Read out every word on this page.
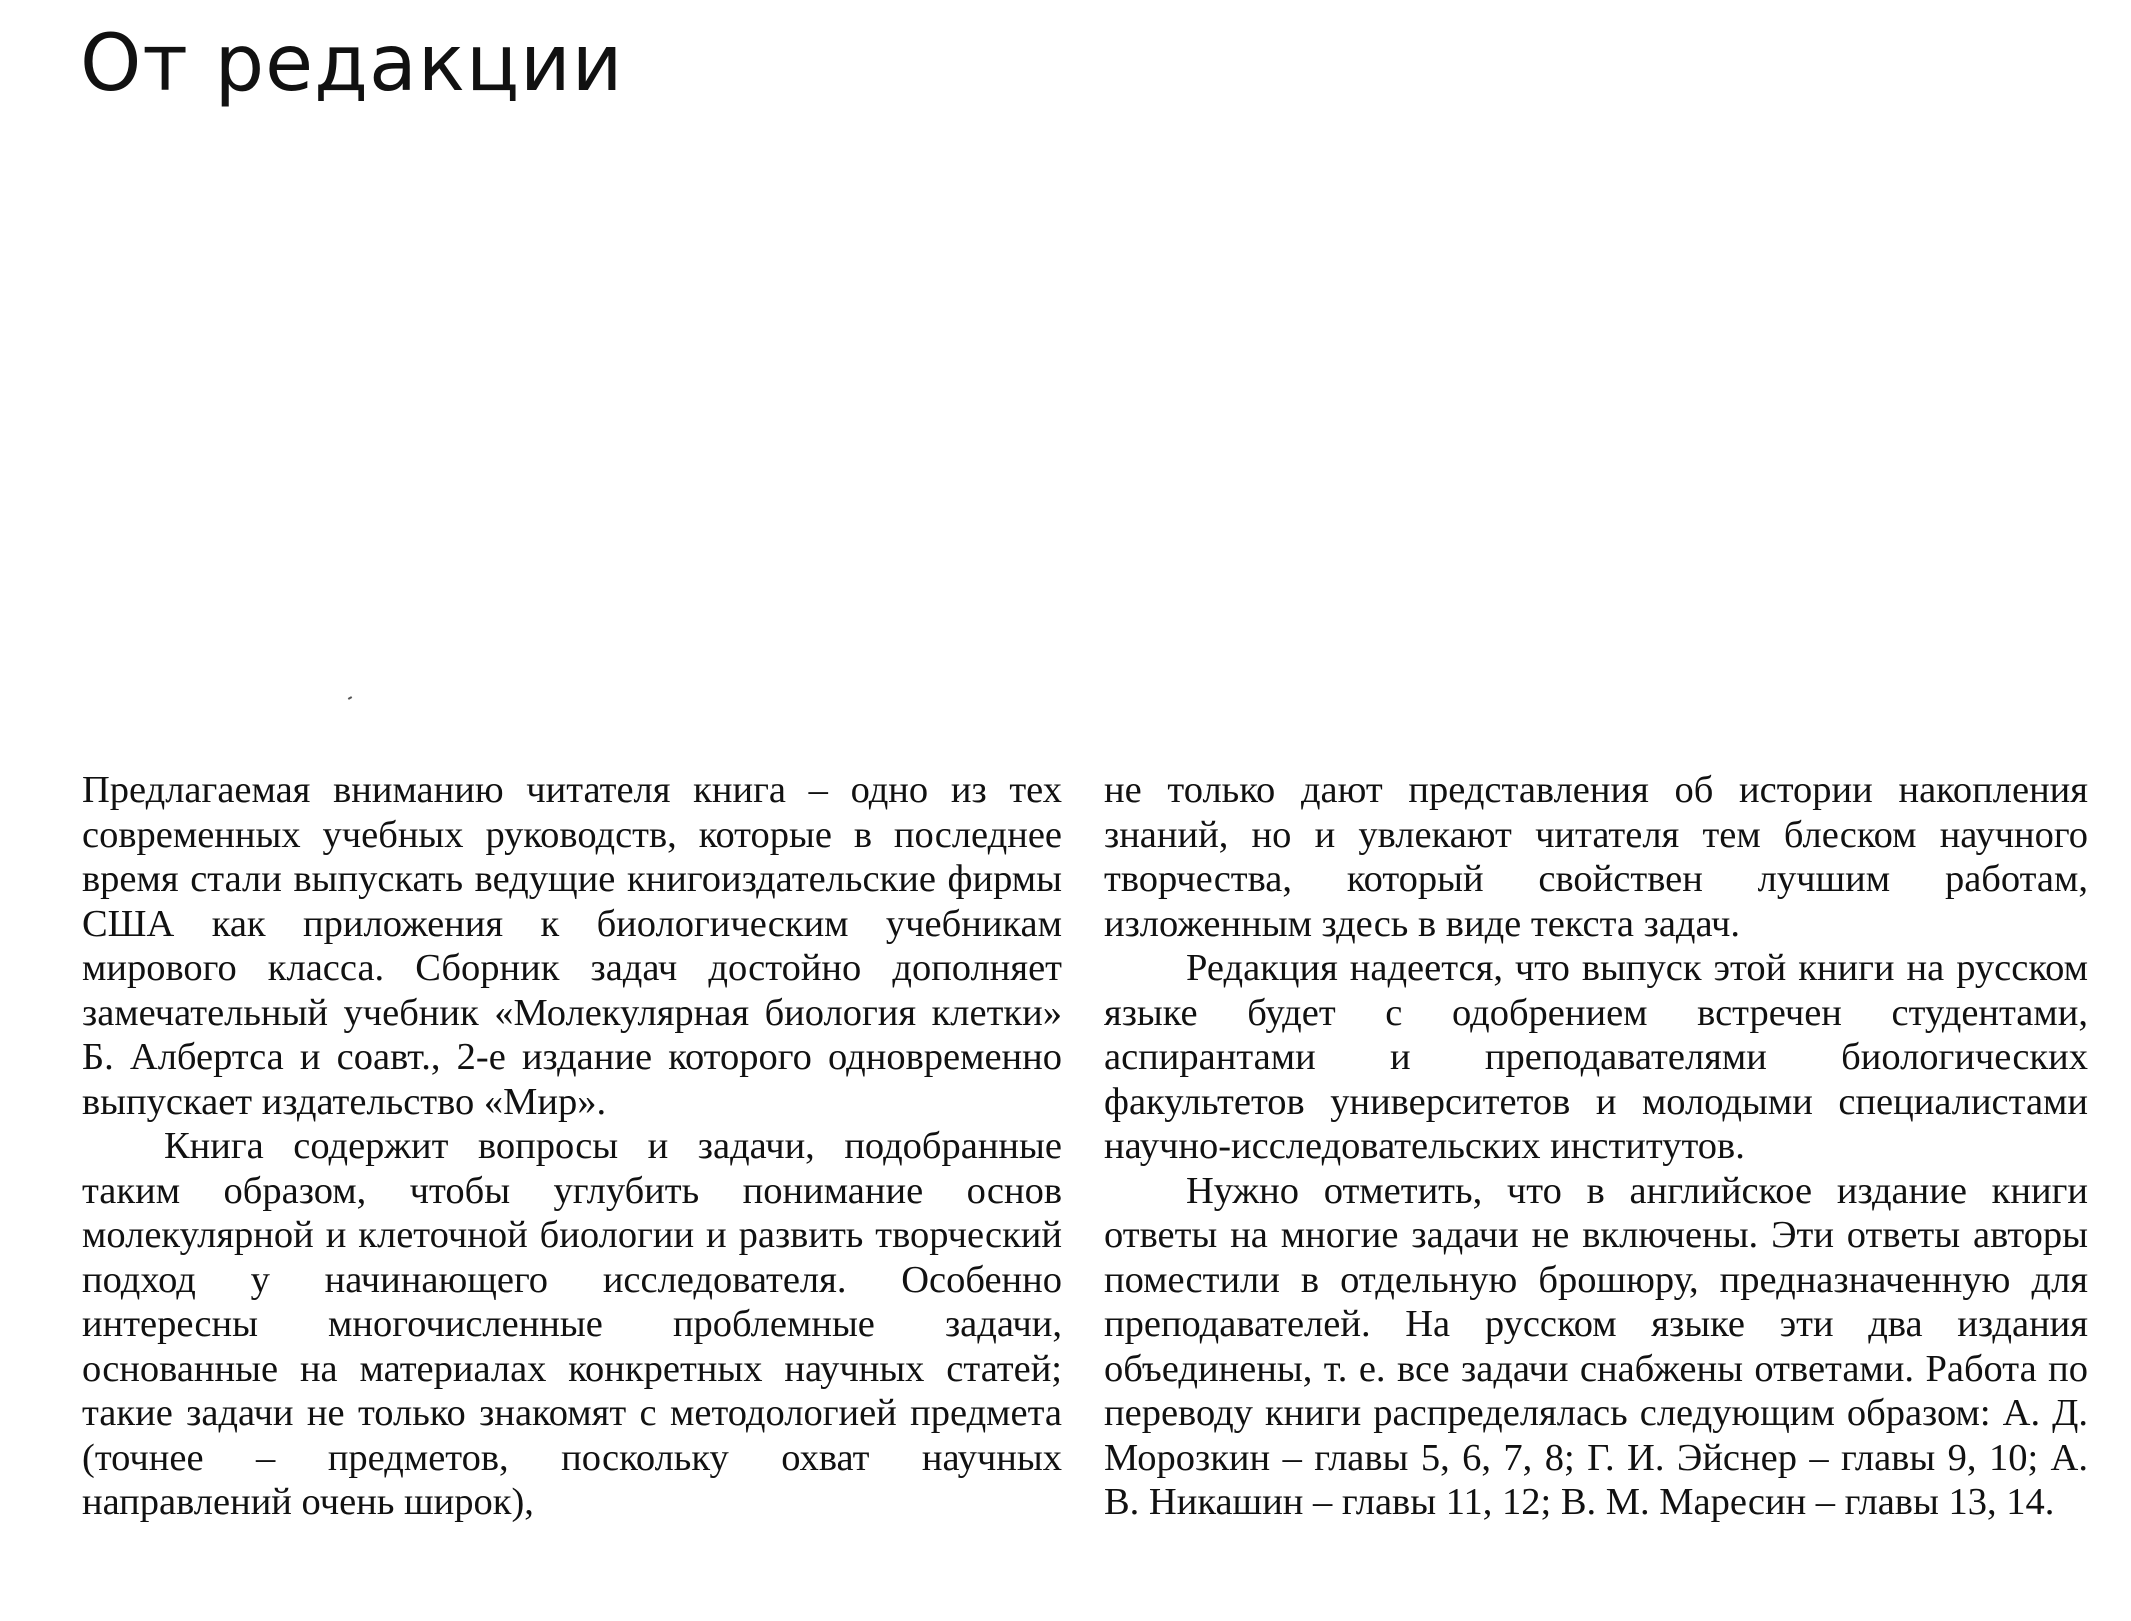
От редакции

Предлагаемая вниманию читателя книга – одно из тех современных учебных руководств, которые в последнее время стали выпускать ведущие книгоиздательские фирмы США как приложения к биологическим учебникам мирового класса. Сборник задач достойно дополняет замечательный учебник «Молекулярная биология клетки» Б. Албертса и соавт., 2-е издание которого одновременно выпускает издательство «Мир».

Книга содержит вопросы и задачи, подобранные таким образом, чтобы углубить понимание основ молекулярной и клеточной биологии и развить творческий подход у начинающего исследователя. Особенно интересны многочисленные проблемные задачи, основанные на материалах конкретных научных статей; такие задачи не только знакомят с методологией предмета (точнее – предметов, поскольку охват научных направлений очень широк),

не только дают представления об истории накопления знаний, но и увлекают читателя тем блеском научного творчества, который свойствен лучшим работам, изложенным здесь в виде текста задач.

Редакция надеется, что выпуск этой книги на русском языке будет с одобрением встречен студентами, аспирантами и преподавателями биологических факультетов университетов и молодыми специалистами научно-исследовательских институтов.

Нужно отметить, что в английское издание книги ответы на многие задачи не включены. Эти ответы авторы поместили в отдельную брошюру, предназначенную для преподавателей. На русском языке эти два издания объединены, т. е. все задачи снабжены ответами. Работа по переводу книги распределялась следующим образом: А. Д. Морозкин – главы 5, 6, 7, 8; Г. И. Эйснер – главы 9, 10; А. В. Никашин – главы 11, 12; В. М. Маресин – главы 13, 14.
